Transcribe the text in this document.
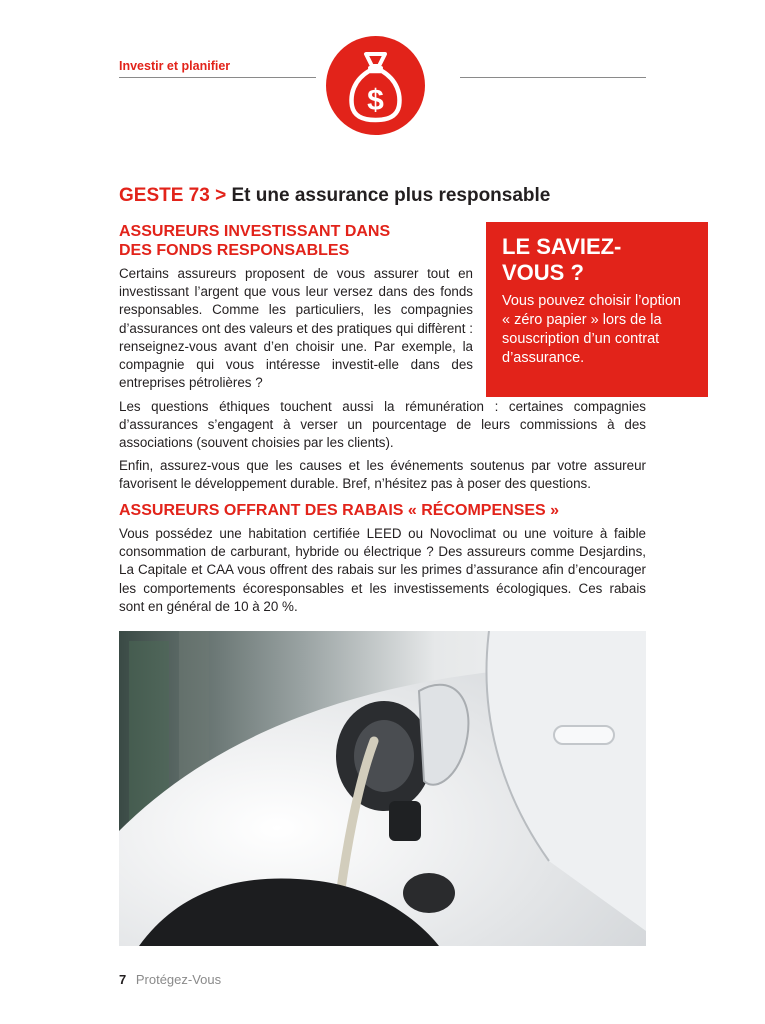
Investir et planifier
$
GESTE 73 > Et une assurance plus responsable
ASSUREURS INVESTISSANT DANS
DES FONDS RESPONSABLES

Certains assureurs proposent de vous assurer tout en investissant l’argent que vous leur versez dans des fonds responsables. Comme les particuliers, les compagnies d’assurances ont des valeurs et des pratiques qui diffèrent : renseignez-vous avant d’en choisir une. Par exemple, la compagnie qui vous intéresse investit-elle dans des entreprises pétrolières ?

Les questions éthiques touchent aussi la rémunération : certaines compagnies d’assurances s’engagent à verser un pourcentage de leurs commissions à des associations (souvent choisies par les clients).

Enfin, assurez-vous que les causes et les événements soutenus par votre assureur favorisent le développement durable. Bref, n’hésitez pas à poser des questions.

ASSUREURS OFFRANT DES RABAIS « RÉCOMPENSES »

Vous possédez une habitation certifiée LEED ou Novoclimat ou une voiture à faible consommation de carburant, hybride ou électrique ? Des assureurs comme Desjardins, La Capitale et CAA vous offrent des rabais sur les primes d’assurance afin d’encourager les comportements écoresponsables et les investissements écologiques. Ces rabais sont en général de 10 à 20 %.

LE SAVIEZ-
VOUS ?
Vous pouvez choisir l’option « zéro papier » lors de la souscription d’un contrat d’assurance.
7 Protégez-Vous
